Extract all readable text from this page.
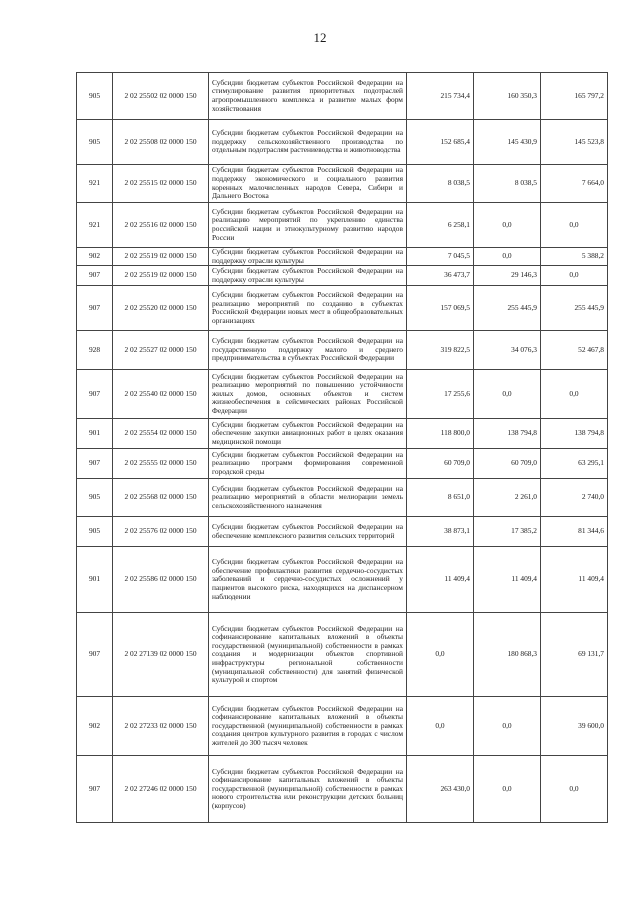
12
905	2 02 25502 02 0000 150	Субсидии бюджетам субъектов Российской Федерации на стимулирование развития приоритетных подотраслей агропромышленного комплекса и развитие малых форм хозяйствования	215 734,4	160 350,3	165 797,2
905	2 02 25508 02 0000 150	Субсидии бюджетам субъектов Российской Федерации на поддержку сельскохозяйственного производства по отдельным подотраслям растениеводства и животноводства	152 685,4	145 430,9	145 523,8
921	2 02 25515 02 0000 150	Субсидии бюджетам субъектов Российской Федерации на поддержку экономического и социального развития коренных малочисленных народов Севера, Сибири и Дальнего Востока	8 038,5	8 038,5	7 664,0
921	2 02 25516 02 0000 150	Субсидии бюджетам субъектов Российской Федерации на реализацию мероприятий по укреплению единства российской нации и этнокультурному развитию народов России	6 258,1	0,0	0,0
902	2 02 25519 02 0000 150	Субсидии бюджетам субъектов Российской Федерации на поддержку отрасли культуры	7 045,5	0,0	5 388,2
907	2 02 25519 02 0000 150	Субсидии бюджетам субъектов Российской Федерации на поддержку отрасли культуры	36 473,7	29 146,3	0,0
907	2 02 25520 02 0000 150	Субсидии бюджетам субъектов Российской Федерации на реализацию мероприятий по созданию в субъектах Российской Федерации новых мест в общеобразовательных организациях	157 069,5	255 445,9	255 445,9
928	2 02 25527 02 0000 150	Субсидии бюджетам субъектов Российской Федерации на государственную поддержку малого и среднего предпринимательства в субъектах Российской Федерации	319 822,5	34 076,3	52 467,8
907	2 02 25540 02 0000 150	Субсидии бюджетам субъектов Российской Федерации на реализацию мероприятий по повышению устойчивости жилых домов, основных объектов и систем жизнеобеспечения в сейсмических районах Российской Федерации	17 255,6	0,0	0,0
901	2 02 25554 02 0000 150	Субсидии бюджетам субъектов Российской Федерации на обеспечение закупки авиационных работ в целях оказания медицинской помощи	118 800,0	138 794,8	138 794,8
907	2 02 25555 02 0000 150	Субсидии бюджетам субъектов Российской Федерации на реализацию программ формирования современной городской среды	60 709,0	60 709,0	63 295,1
905	2 02 25568 02 0000 150	Субсидии бюджетам субъектов Российской Федерации на реализацию мероприятий в области мелиорации земель сельскохозяйственного назначения	8 651,0	2 261,0	2 740,0
905	2 02 25576 02 0000 150	Субсидии бюджетам субъектов Российской Федерации на обеспечение комплексного развития сельских территорий	38 873,1	17 385,2	81 344,6
901	2 02 25586 02 0000 150	Субсидии бюджетам субъектов Российской Федерации на обеспечение профилактики развития сердечно-сосудистых заболеваний и сердечно-сосудистых осложнений у пациентов высокого риска, находящихся на диспансерном наблюдении	11 409,4	11 409,4	11 409,4
907	2 02 27139 02 0000 150	Субсидии бюджетам субъектов Российской Федерации на софинансирование капитальных вложений в объекты государственной (муниципальной) собственности в рамках создания и модернизации объектов спортивной инфраструктуры региональной собственности (муниципальной собственности) для занятий физической культурой и спортом	0,0	180 868,3	69 131,7
902	2 02 27233 02 0000 150	Субсидии бюджетам субъектов Российской Федерации на софинансирование капитальных вложений в объекты государственной (муниципальной) собственности в рамках создания центров культурного развития в городах с числом жителей до 300 тысяч человек	0,0	0,0	39 600,0
907	2 02 27246 02 0000 150	Субсидии бюджетам субъектов Российской Федерации на софинансирование капитальных вложений в объекты государственной (муниципальной) собственности в рамках нового строительства или реконструкции детских больниц (корпусов)	263 430,0	0,0	0,0
